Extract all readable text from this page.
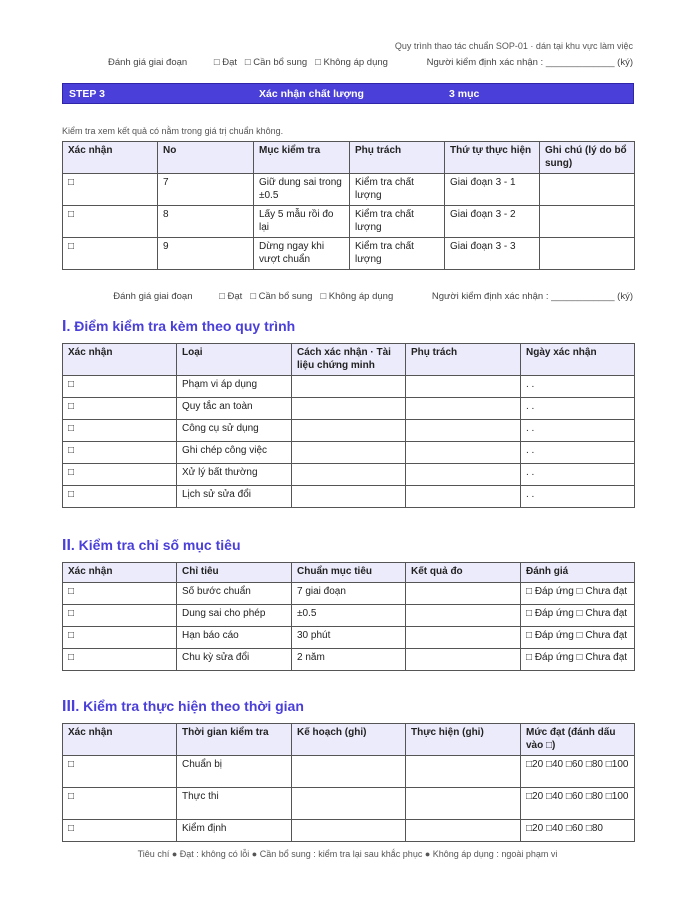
Quy trình thao tác chuẩn SOP-01 · dán tại khu vực làm việc
Đánh giá giai đoạn	□ Đạt □ Cần bổ sung □ Không áp dụng	Người kiểm định xác nhận : _____________ (ký)
STEP 3	Xác nhận chất lượng	3 mục
Kiểm tra xem kết quả có nằm trong giá trị chuẩn không.
Xác nhận	No	Mục kiểm tra	Phụ trách	Thứ tự thực hiện	Ghi chú (lý do bổ sung)
□	7	Giữ dung sai trong ±0.5	Kiểm tra chất lượng	Giai đoạn 3 - 1	
□	8	Lấy 5 mẫu rồi đo lại	Kiểm tra chất lượng	Giai đoạn 3 - 2	
□	9	Dừng ngay khi vượt chuẩn	Kiểm tra chất lượng	Giai đoạn 3 - 3	
Đánh giá giai đoạn	□ Đạt □ Cần bổ sung □ Không áp dụng	Người kiểm định xác nhận : ____________ (ký)
I. Điểm kiểm tra kèm theo quy trình
Xác nhận	Loại	Cách xác nhận · Tài liệu chứng minh	Phụ trách	Ngày xác nhận
□	Phạm vi áp dụng			. .
□	Quy tắc an toàn			. .
□	Công cụ sử dụng			. .
□	Ghi chép công việc			. .
□	Xử lý bất thường			. .
□	Lịch sử sửa đổi			. .
II. Kiểm tra chỉ số mục tiêu
Xác nhận	Chỉ tiêu	Chuẩn mục tiêu	Kết quả đo	Đánh giá
□	Số bước chuẩn	7 giai đoạn		□ Đáp ứng □ Chưa đạt
□	Dung sai cho phép	±0.5		□ Đáp ứng □ Chưa đạt
□	Hạn báo cáo	30 phút		□ Đáp ứng □ Chưa đạt
□	Chu kỳ sửa đổi	2 năm		□ Đáp ứng □ Chưa đạt
III. Kiểm tra thực hiện theo thời gian
Xác nhận	Thời gian kiểm tra	Kế hoạch (ghi)	Thực hiện (ghi)	Mức đạt (đánh dấu vào □)
□	Chuẩn bị			□20 □40 □60 □80 □100
□	Thực thi			□20 □40 □60 □80 □100
□	Kiểm định			□20 □40 □60 □80
Tiêu chí ● Đạt : không có lỗi ● Cần bổ sung : kiểm tra lại sau khắc phục ● Không áp dụng : ngoài phạm vi
